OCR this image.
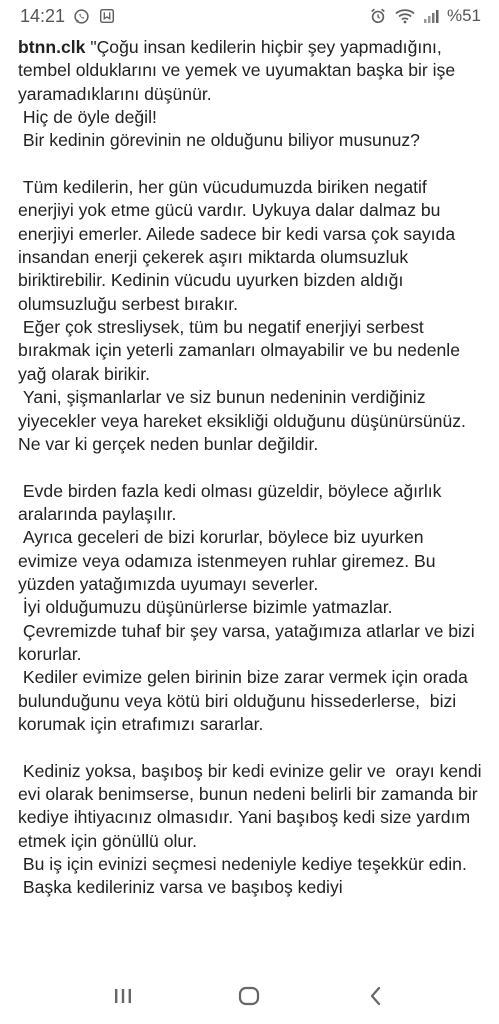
14:21	%51
btnn.clk "Çoğu insan kedilerin hiçbir şey yapmadığını, tembel olduklarını ve yemek ve uyumaktan başka bir işe yaramadıklarını düşünür.
Hiç de öyle değil!
Bir kedinin görevinin ne olduğunu biliyor musunuz?

Tüm kedilerin, her gün vücudumuzda biriken negatif enerjiyi yok etme gücü vardır. Uykuya dalar dalmaz bu enerjiyi emerler. Ailede sadece bir kedi varsa çok sayıda insandan enerji çekerek aşırı miktarda olumsuzluk biriktirebilir. Kedinin vücudu uyurken bizden aldığı olumsuzluğu serbest bırakır.
Eğer çok stresliysek, tüm bu negatif enerjiyi serbest bırakmak için yeterli zamanları olmayabilir ve bu nedenle yağ olarak birikir.
Yani, şişmanlarlar ve siz bunun nedeninin verdiğiniz yiyecekler veya hareket eksikliği olduğunu düşünürsünüz. Ne var ki gerçek neden bunlar değildir.

Evde birden fazla kedi olması güzeldir, böylece ağırlık aralarında paylaşılır.
Ayrıca geceleri de bizi korurlar, böylece biz uyurken evimize veya odamıza istenmeyen ruhlar giremez. Bu yüzden yatağımızda uyumayı severler.
İyi olduğumuzu düşünürlerse bizimle yatmazlar.
Çevremizde tuhaf bir şey varsa, yatağımıza atlarlar ve bizi korurlar.
Kediler evimize gelen birinin bize zarar vermek için orada bulunduğunu veya kötü biri olduğunu hissederlerse,  bizi korumak için etrafımızı sararlar.

Kediniz yoksa, başıboş bir kedi evinize gelir ve  orayı kendi evi olarak benimserse, bunun nedeni belirli bir zamanda bir kediye ihtiyacınız olmasıdır. Yani başıboş kedi size yardım etmek için gönüllü olur.
Bu iş için evinizi seçmesi nedeniyle kediye teşekkür edin.
Başka kedileriniz varsa ve başıboş kediyi
